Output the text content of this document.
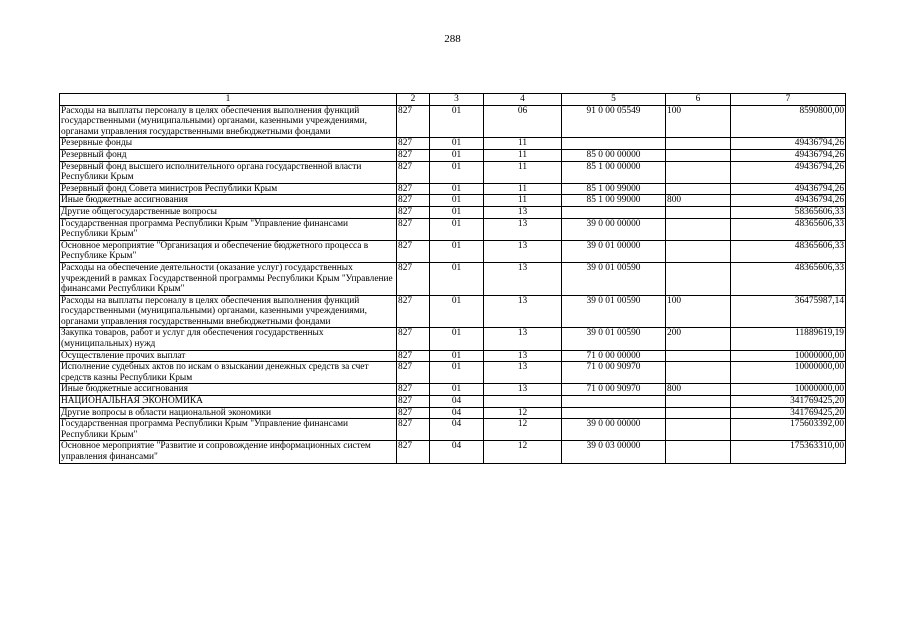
288
1	2	3	4	5	6	7
Расходы на выплаты персоналу в целях обеспечения выполнения функций государственными (муниципальными) органами, казенными учреждениями, органами управления государственными внебюджетными фондами	827	01	06	91 0 00 05549	100	8590800,00
Резервные фонды	827	01	11			49436794,26
Резервный фонд	827	01	11	85 0 00 00000		49436794,26
Резервный фонд высшего исполнительного органа государственной власти Республики Крым	827	01	11	85 1 00 00000		49436794,26
Резервный фонд Совета министров Республики Крым	827	01	11	85 1 00 99000		49436794,26
Иные бюджетные ассигнования	827	01	11	85 1 00 99000	800	49436794,26
Другие общегосударственные вопросы	827	01	13			58365606,33
Государственная программа Республики Крым "Управление финансами Республики Крым"	827	01	13	39 0 00 00000		48365606,33
Основное мероприятие "Организация и обеспечение бюджетного процесса в Республике Крым"	827	01	13	39 0 01 00000		48365606,33
Расходы на обеспечение деятельности (оказание услуг) государственных учреждений в рамках Государственной программы Республики Крым "Управление финансами Республики Крым"	827	01	13	39 0 01 00590		48365606,33
Расходы на выплаты персоналу в целях обеспечения выполнения функций государственными (муниципальными) органами, казенными учреждениями, органами управления государственными внебюджетными фондами	827	01	13	39 0 01 00590	100	36475987,14
Закупка товаров, работ и услуг для обеспечения государственных (муниципальных) нужд	827	01	13	39 0 01 00590	200	11889619,19
Осуществление прочих выплат	827	01	13	71 0 00 00000		10000000,00
Исполнение судебных актов по искам о взыскании денежных средств за счет средств казны Республики Крым	827	01	13	71 0 00 90970		10000000,00
Иные бюджетные ассигнования	827	01	13	71 0 00 90970	800	10000000,00
НАЦИОНАЛЬНАЯ ЭКОНОМИКА	827	04				341769425,20
Другие вопросы в области национальной экономики	827	04	12			341769425,20
Государственная программа Республики Крым "Управление финансами Республики Крым"	827	04	12	39 0 00 00000		175603392,00
Основное мероприятие "Развитие и сопровождение информационных систем управления финансами"	827	04	12	39 0 03 00000		175363310,00
